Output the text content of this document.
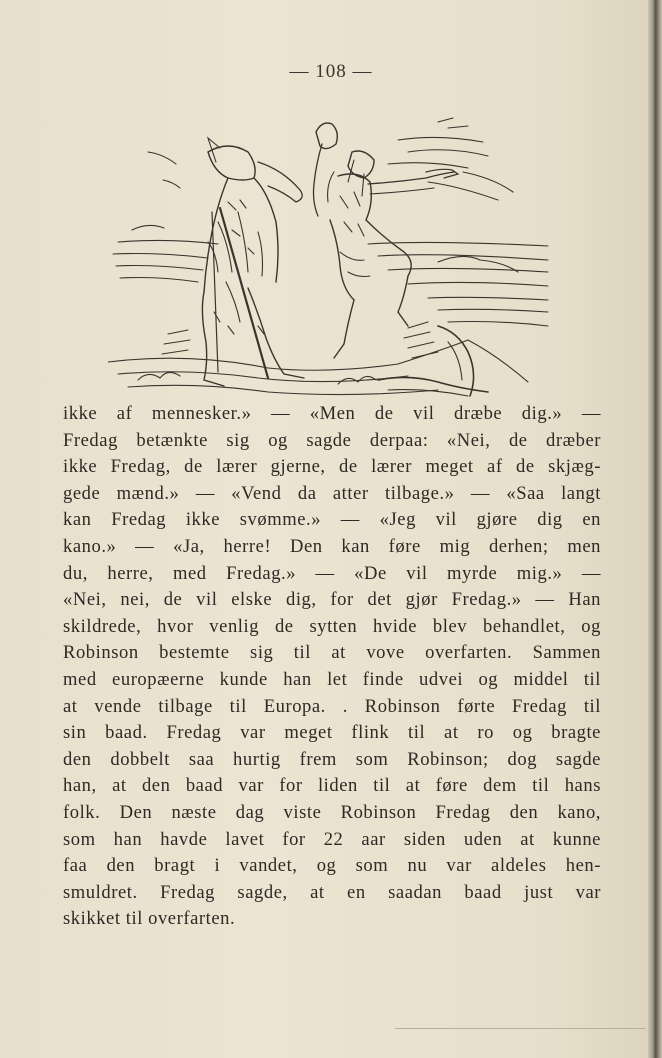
— 108 —
ikke af mennesker.» — «Men de vil dræbe dig.» —
Fredag betænkte sig og sagde derpaa: «Nei, de dræber
ikke Fredag, de lærer gjerne, de lærer meget af de skjæg-
gede mænd.» — «Vend da atter tilbage.» — «Saa langt
kan Fredag ikke svømme.» — «Jeg vil gjøre dig en
kano.» — «Ja, herre! Den kan føre mig derhen; men
du, herre, med Fredag.» — «De vil myrde mig.» —
«Nei, nei, de vil elske dig, for det gjør Fredag.» — Han
skildrede, hvor venlig de sytten hvide blev behandlet, og
Robinson bestemte sig til at vove overfarten. Sammen
med europæerne kunde han let finde udvei og middel til
at vende tilbage til Europa. . Robinson førte Fredag til
sin baad. Fredag var meget flink til at ro og bragte
den dobbelt saa hurtig frem som Robinson; dog sagde
han, at den baad var for liden til at føre dem til hans
folk. Den næste dag viste Robinson Fredag den kano,
som han havde lavet for 22 aar siden uden at kunne
faa den bragt i vandet, og som nu var aldeles hen-
smuldret. Fredag sagde, at en saadan baad just var
skikket til overfarten.
